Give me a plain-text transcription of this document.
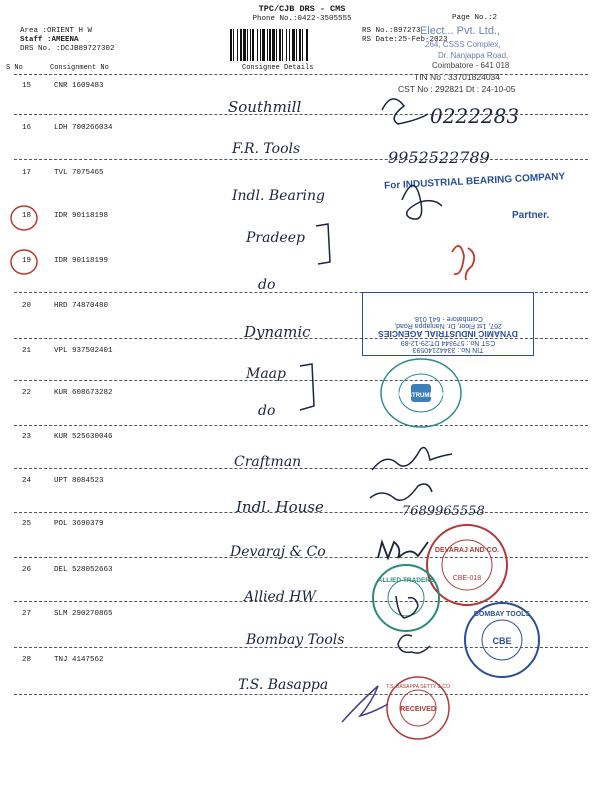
TPC/CJB DRS - CMS
Phone No.:0422-3505555	Page No.:2
Area :ORIENT H W
Staff :AMEENA
DRS No. :DCJB89727302
RS No.:897273
RS Date:25-Feb-2023
Elect... Pvt. Ltd.,
264, CSSS Complex,
Dr. Nanjappa Road,
Coimbatore - 641 018
TIN No : 33701824034
CST No : 292821 Dt : 24-10-05
S No	Consignment No	Consignee Details
15	CNR 1609483
Southmill
16	LDH 700266034
F.R. Tools
17	TVL 7075465
Indl. Bearing
18	IDR 90118198
Pradeep
19	IDR 90118199
do
20	HRD 74870480
Dynamic
21	VPL 937502401
Maap
22	KUR 608673282
do
23	KUR 525630046
Craftman
24	UPT 8084523
Indl. House
25	POL 3690379
Devaraj & Co
26	DEL 528052663
Allied HW
27	SLM 290270865
Bombay Tools
28	TNJ 4147562
T.S. Basappa
0222283
9952522789
7689965558
For INDUSTRIAL BEARING COMPANY
Partner.
TIN No.: 33442140593
CST No.: 579344 DT:29-12-89
DYNAMIC INDUSTRIAL AGENCIES
267, 1st Floor, Dr. Nanjappa Road,
Coimbatore - 641 018.
MAAP INSTRUMENTATION
DEVARAJ AND CO.
CBE-018
ALLIED TRADERS
BOMBAY TOOLS
CBE
T.S. BASAPPA SETTY & CO
RECEIVED
